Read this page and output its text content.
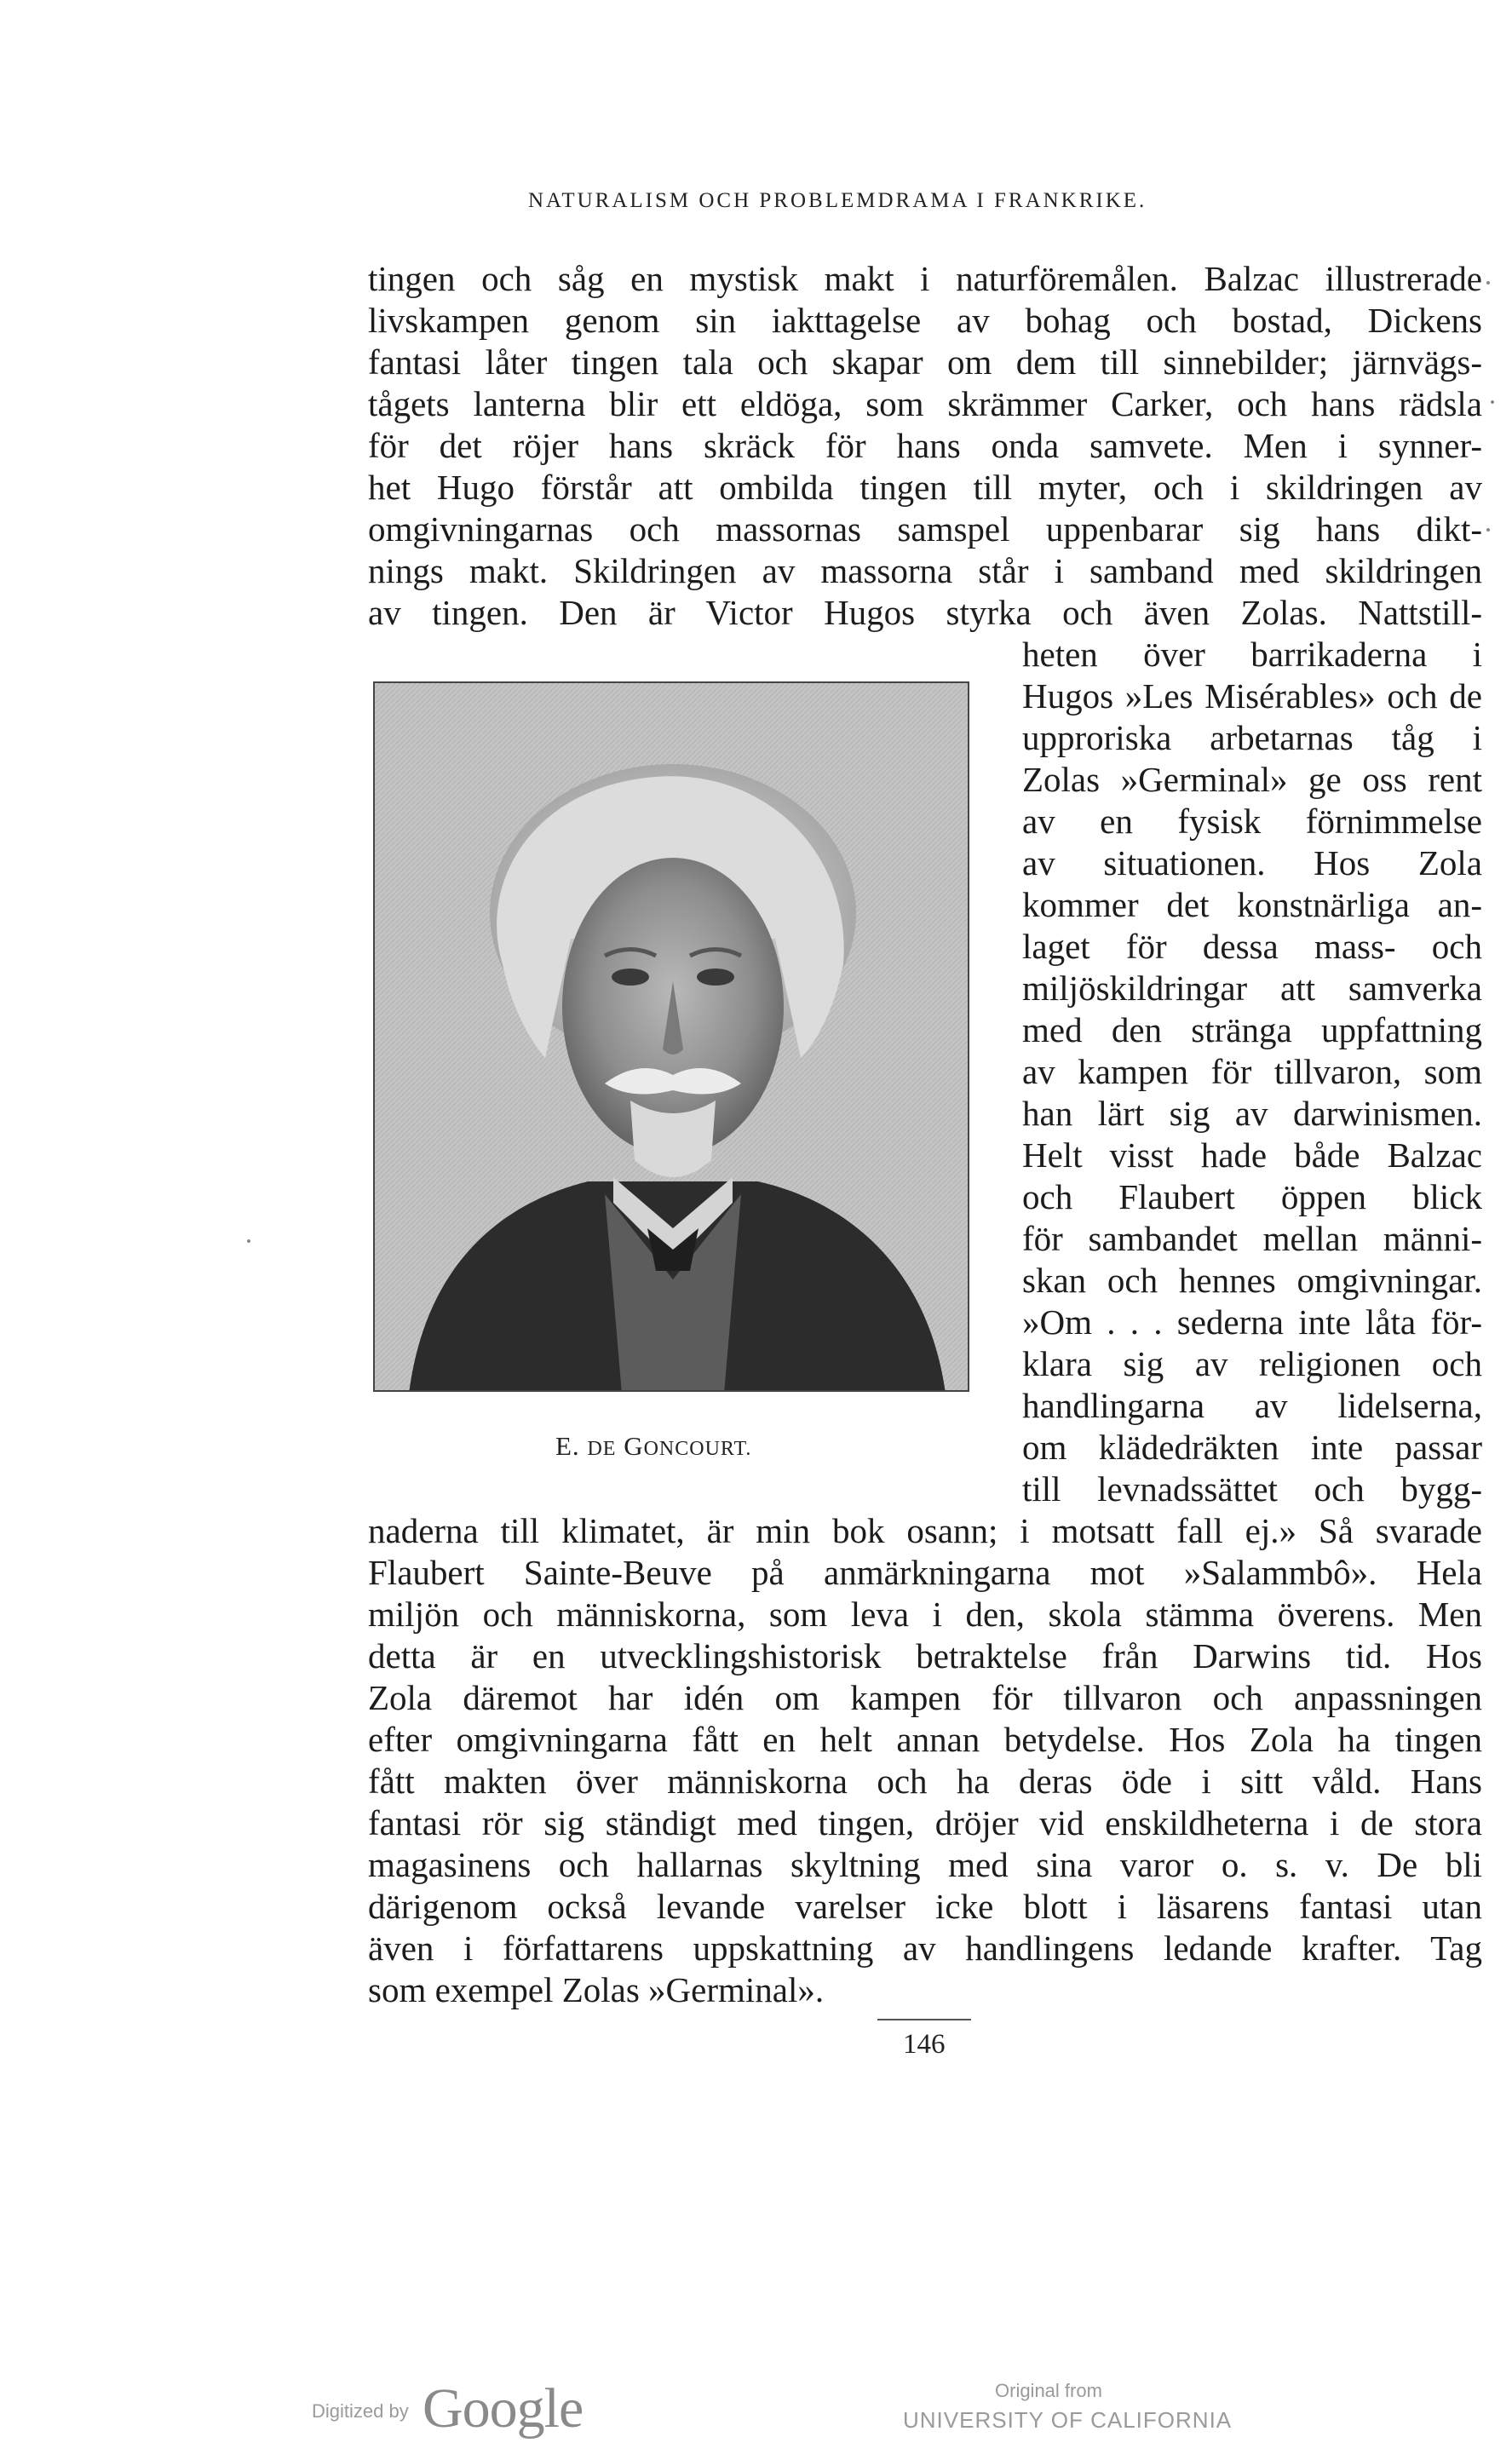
NATURALISM OCH PROBLEMDRAMA I FRANKRIKE.
tingen och såg en mystisk makt i naturföremålen. Balzac illustrerade
livskampen genom sin iakttagelse av bohag och bostad, Dickens
fantasi låter tingen tala och skapar om dem till sinnebilder; järnvägs-
tågets lanterna blir ett eldöga, som skrämmer Carker, och hans rädsla
för det röjer hans skräck för hans onda samvete. Men i synner-
het Hugo förstår att ombilda tingen till myter, och i skildringen av
omgivningarnas och massornas samspel uppenbarar sig hans dikt-
nings makt. Skildringen av massorna står i samband med skildringen
av tingen. Den är Victor Hugos styrka och även Zolas. Nattstill-
heten över barrikaderna i
Hugos »Les Misérables» och de
upproriska arbetarnas tåg i
Zolas »Germinal» ge oss rent
av en fysisk förnimmelse
av situationen. Hos Zola
kommer det konstnärliga an-
laget för dessa mass- och
miljöskildringar att samverka
med den stränga uppfattning
av kampen för tillvaron, som
han lärt sig av darwinismen.
Helt visst hade både Balzac
och Flaubert öppen blick
för sambandet mellan männi-
skan och hennes omgivningar.
»Om . . . sederna inte låta för-
klara sig av religionen och
handlingarna av lidelserna,
om klädedräkten inte passar
till levnadssättet och bygg-
E. DE GONCOURT.
naderna till klimatet, är min bok osann; i motsatt fall ej.» Så svarade
Flaubert Sainte-Beuve på anmärkningarna mot »Salammbô». Hela
miljön och människorna, som leva i den, skola stämma överens. Men
detta är en utvecklingshistorisk betraktelse från Darwins tid. Hos
Zola däremot har idén om kampen för tillvaron och anpassningen
efter omgivningarna fått en helt annan betydelse. Hos Zola ha tingen
fått makten över människorna och ha deras öde i sitt våld. Hans
fantasi rör sig ständigt med tingen, dröjer vid enskildheterna i de stora
magasinens och hallarnas skyltning med sina varor o. s. v. De bli
därigenom också levande varelser icke blott i läsarens fantasi utan
även i författarens uppskattning av handlingens ledande krafter. Tag
som exempel Zolas »Germinal».
146
Digitized by Google	Original from
UNIVERSITY OF CALIFORNIA
